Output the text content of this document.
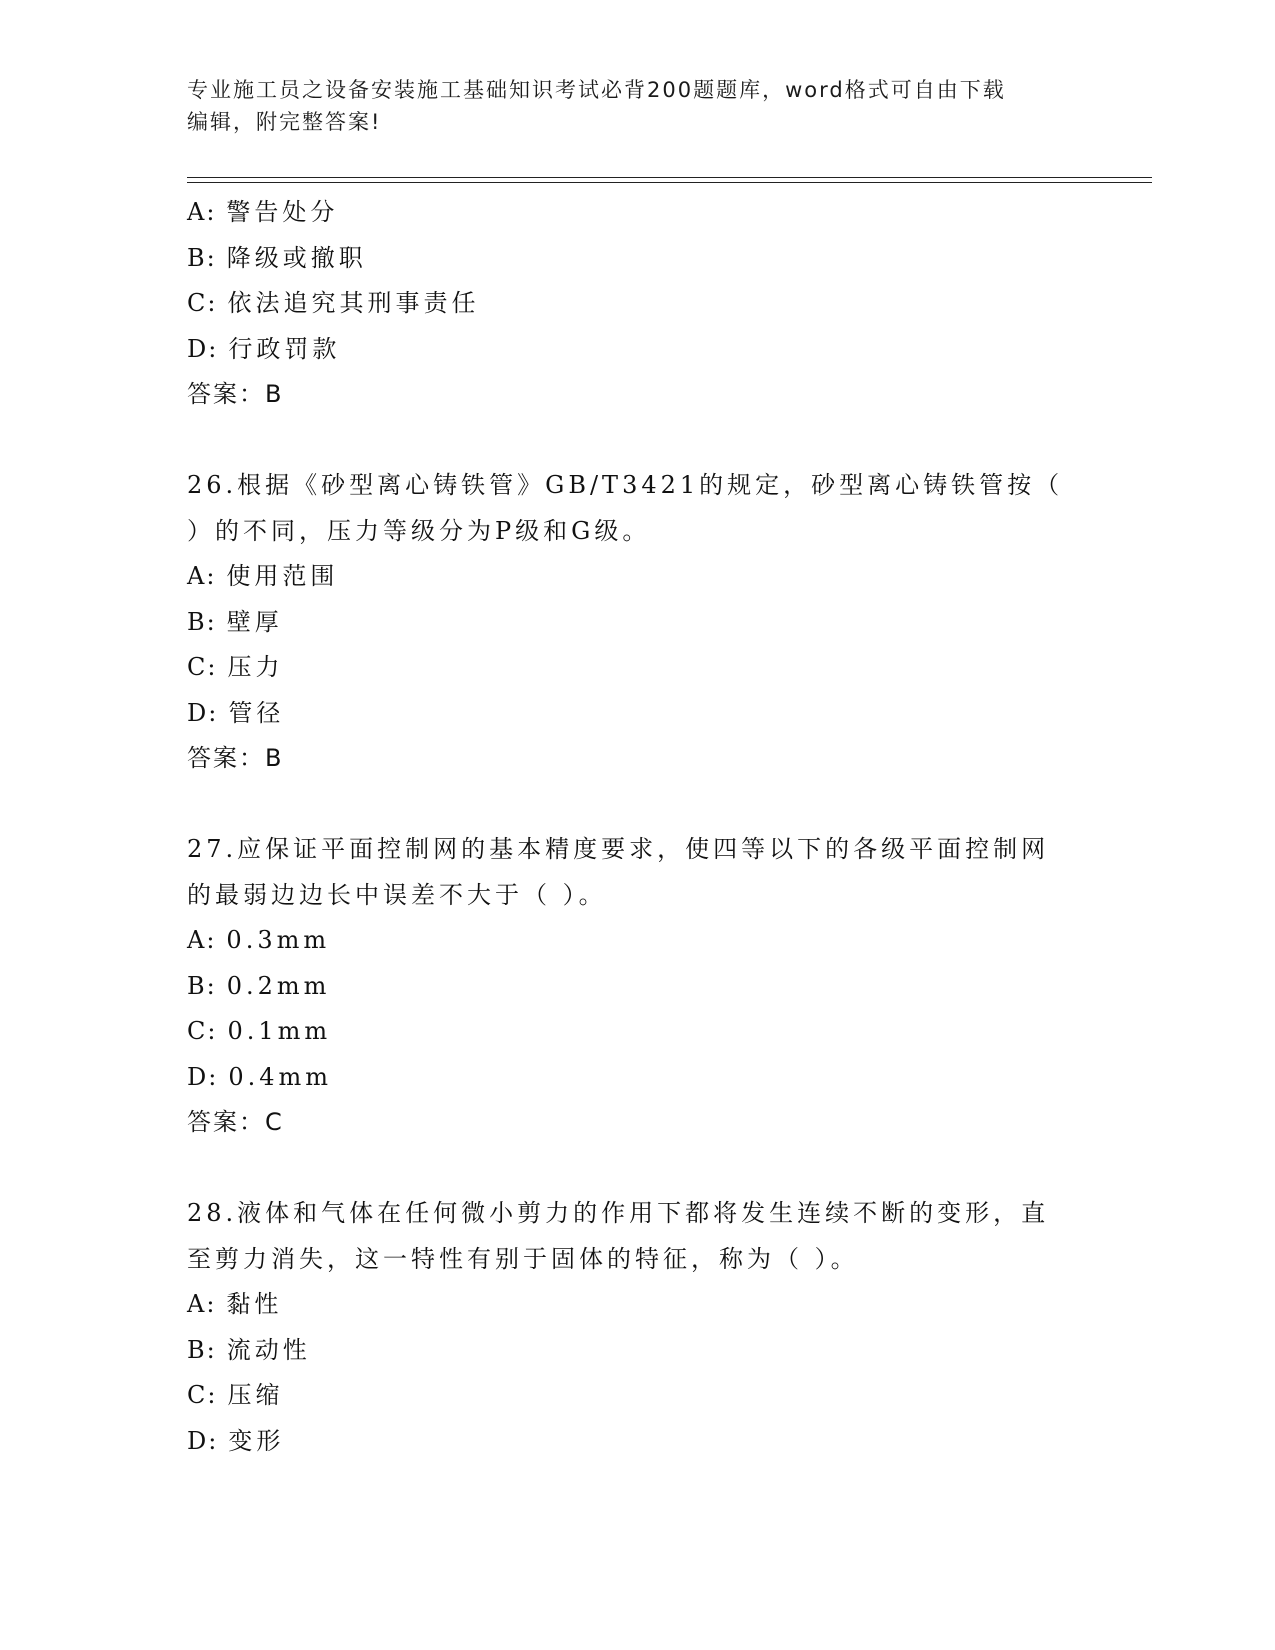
专业施工员之设备安装施工基础知识考试必背200题题库，word格式可自由下载
编辑，附完整答案!
A: 警告处分
B: 降级或撤职
C: 依法追究其刑事责任
D: 行政罚款
答案：B
26.根据《砂型离心铸铁管》GB/T3421的规定，砂型离心铸铁管按（
）的不同，压力等级分为P级和G级。
A: 使用范围
B: 壁厚
C: 压力
D: 管径
答案：B
27.应保证平面控制网的基本精度要求，使四等以下的各级平面控制网
的最弱边边长中误差不大于（ ）。
A: 0.3mm
B: 0.2mm
C: 0.1mm
D: 0.4mm
答案：C
28.液体和气体在任何微小剪力的作用下都将发生连续不断的变形，直
至剪力消失，这一特性有别于固体的特征，称为（ ）。
A: 黏性
B: 流动性
C: 压缩
D: 变形
